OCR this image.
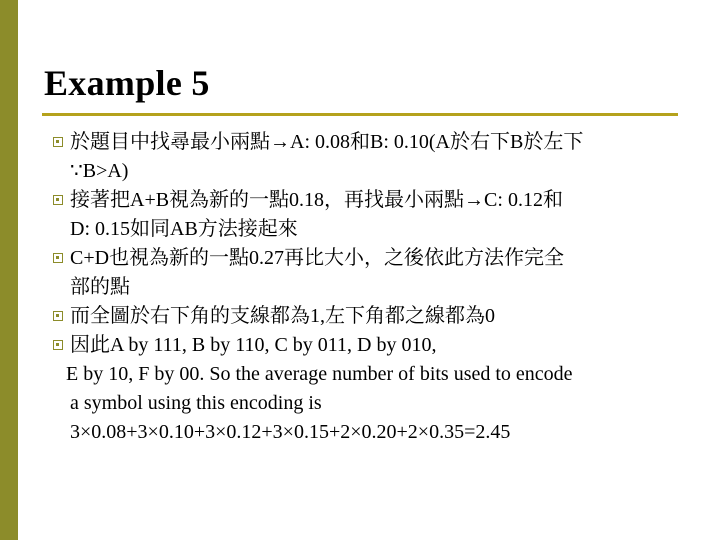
Example 5
於題目中找尋最小兩點→A: 0.08和B: 0.10(A於右下B於左下
∵B>A)
接著把A+B視為新的一點0.18，再找最小兩點→C: 0.12和
D: 0.15如同AB方法接起來
C+D也視為新的一點0.27再比大小，之後依此方法作完全
部的點
而全圖於右下角的支線都為1,左下角都之線都為0
因此A by 111, B by 110, C by 011, D by 010,
E by 10, F by 00. So the average number of bits used to encode
a symbol using this encoding is
3×0.08+3×0.10+3×0.12+3×0.15+2×0.20+2×0.35=2.45
